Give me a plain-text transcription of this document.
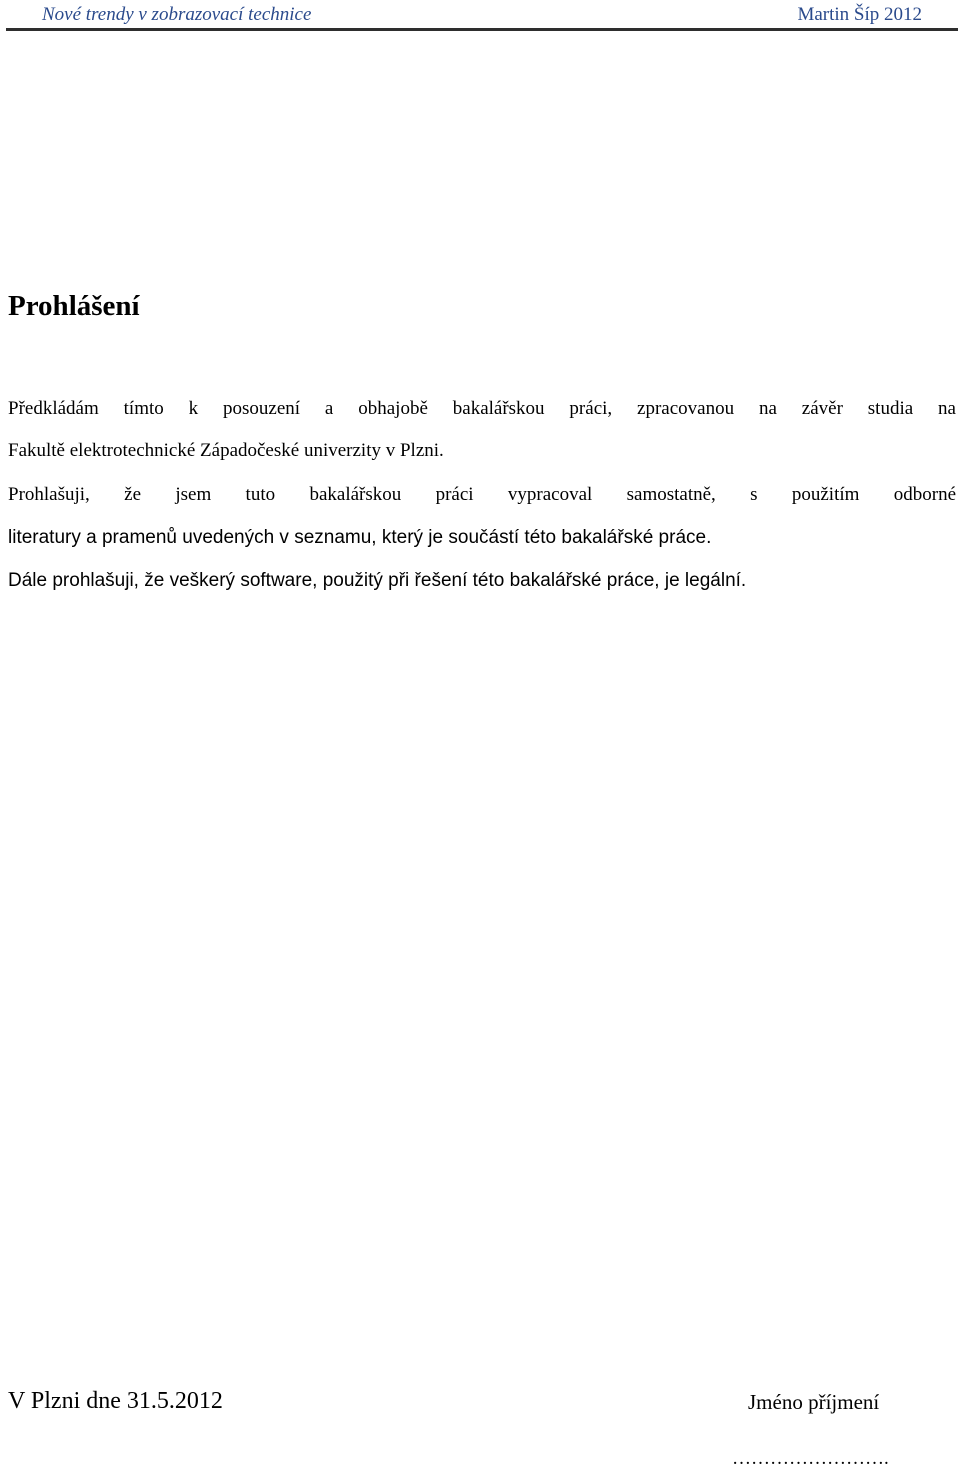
Nové trendy v zobrazovací technice	Martin Šíp 2012
Prohlášení
Předkládám tímto k posouzení a obhajobě bakalářskou práci, zpracovanou na závěr studia na
Fakultě elektrotechnické Západočeské univerzity v Plzni.
Prohlašuji, že jsem tuto bakalářskou práci vypracoval samostatně, s použitím odborné
literatury a pramenů uvedených v seznamu, který je součástí této bakalářské práce.
Dále prohlašuji, že veškerý software, použitý při řešení této bakalářské práce, je legální.
V Plzni dne 31.5.2012	Jméno příjmení
…………………….
